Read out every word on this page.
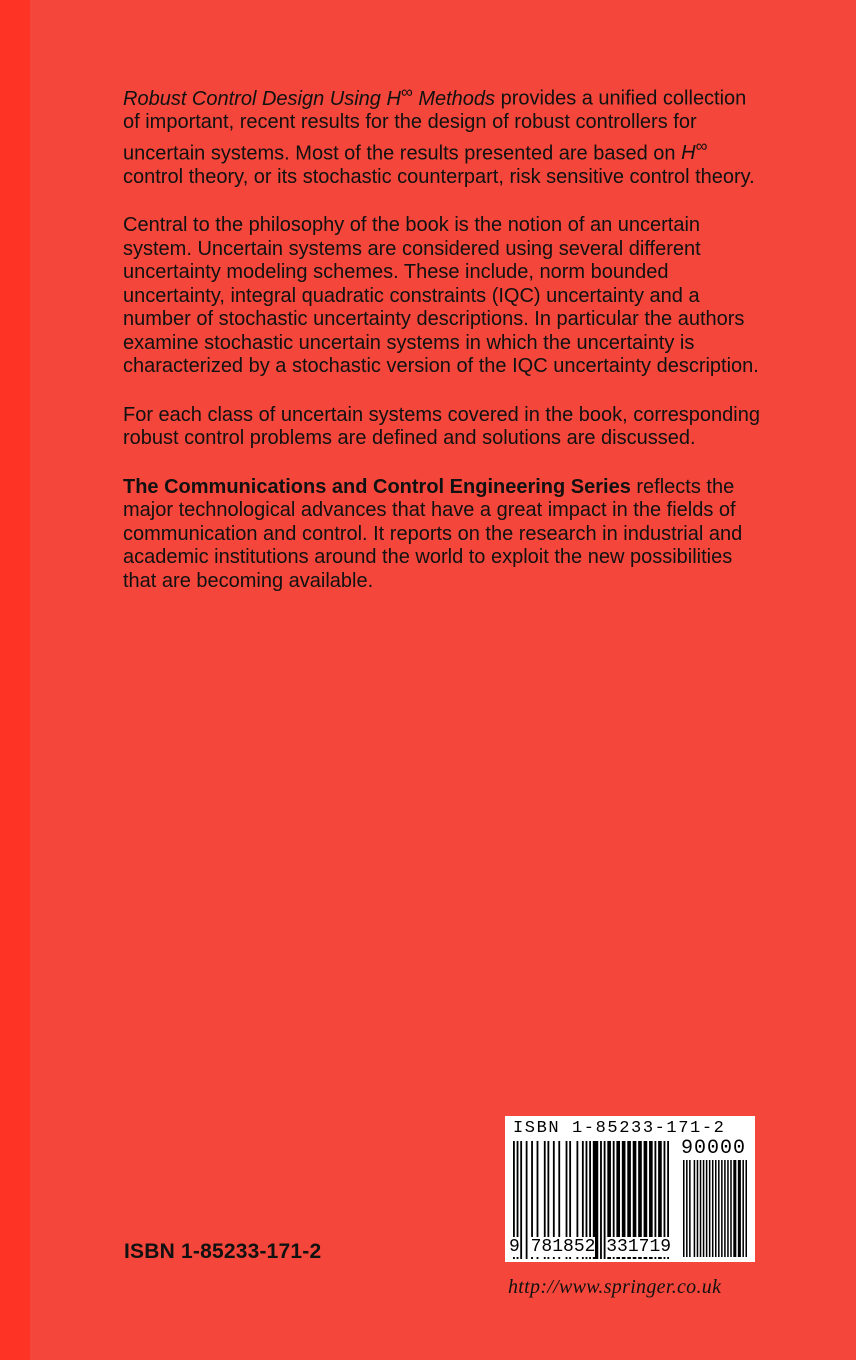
Robust Control Design Using H∞ Methods provides a unified collection of important, recent results for the design of robust controllers for uncertain systems. Most of the results presented are based on H∞ control theory, or its stochastic counterpart, risk sensitive control theory.

Central to the philosophy of the book is the notion of an uncertain system. Uncertain systems are considered using several different uncertainty modeling schemes. These include, norm bounded uncertainty, integral quadratic constraints (IQC) uncertainty and a number of stochastic uncertainty descriptions. In particular the authors examine stochastic uncertain systems in which the uncertainty is characterized by a stochastic version of the IQC uncertainty description.

For each class of uncertain systems covered in the book, corresponding robust control problems are defined and solutions are discussed.

The Communications and Control Engineering Series reflects the major technological advances that have a great impact in the fields of communication and control. It reports on the research in industrial and academic institutions around the world to exploit the new possibilities that are becoming available.

ISBN 1-85233-171-2
ISBN 1-85233-171-2
90000
9 781852 331719
http://www.springer.co.uk
